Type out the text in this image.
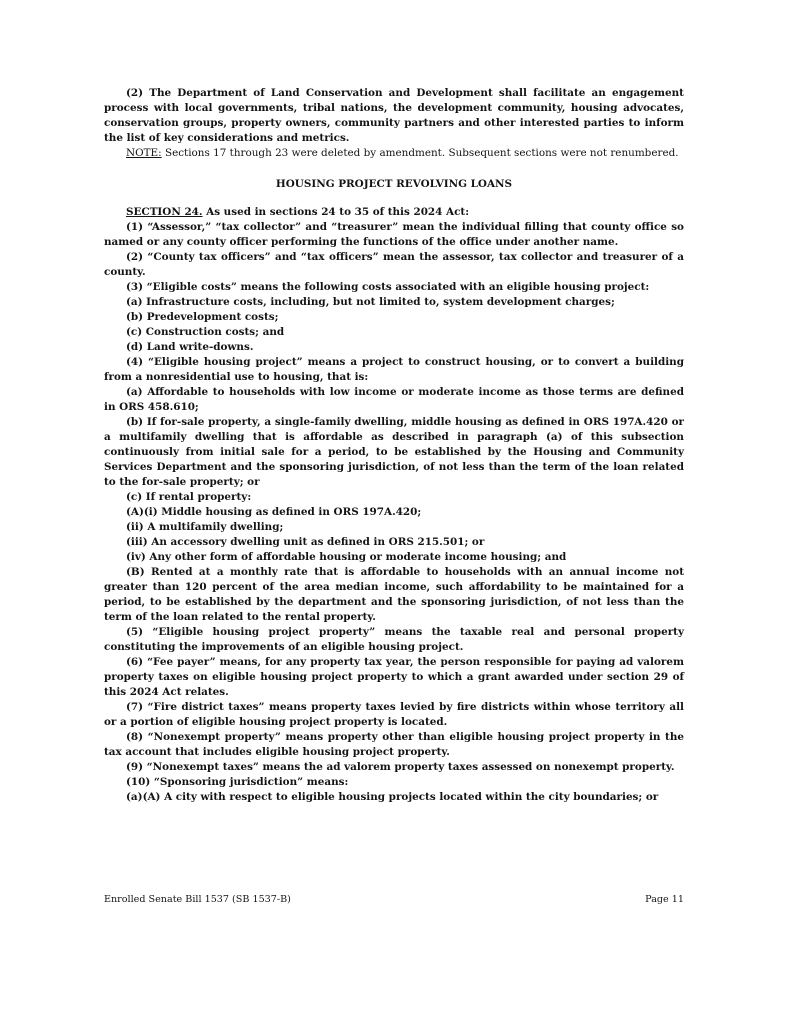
(2) The Department of Land Conservation and Development shall facilitate an engagement process with local governments, tribal nations, the development community, housing advocates, conservation groups, property owners, community partners and other interested parties to inform the list of key considerations and metrics.

NOTE: Sections 17 through 23 were deleted by amendment. Subsequent sections were not renumbered.

HOUSING PROJECT REVOLVING LOANS

SECTION 24. As used in sections 24 to 35 of this 2024 Act:

(1) “Assessor,” “tax collector” and “treasurer” mean the individual filling that county office so named or any county officer performing the functions of the office under another name.

(2) “County tax officers” and “tax officers” mean the assessor, tax collector and treasurer of a county.

(3) “Eligible costs” means the following costs associated with an eligible housing project:

(a) Infrastructure costs, including, but not limited to, system development charges;

(b) Predevelopment costs;

(c) Construction costs; and

(d) Land write-downs.

(4) “Eligible housing project” means a project to construct housing, or to convert a building from a nonresidential use to housing, that is:

(a) Affordable to households with low income or moderate income as those terms are defined in ORS 458.610;

(b) If for-sale property, a single-family dwelling, middle housing as defined in ORS 197A.420 or a multifamily dwelling that is affordable as described in paragraph (a) of this subsection continuously from initial sale for a period, to be established by the Housing and Community Services Department and the sponsoring jurisdiction, of not less than the term of the loan related to the for-sale property; or

(c) If rental property:

(A)(i) Middle housing as defined in ORS 197A.420;

(ii) A multifamily dwelling;

(iii) An accessory dwelling unit as defined in ORS 215.501; or

(iv) Any other form of affordable housing or moderate income housing; and

(B) Rented at a monthly rate that is affordable to households with an annual income not greater than 120 percent of the area median income, such affordability to be maintained for a period, to be established by the department and the sponsoring jurisdiction, of not less than the term of the loan related to the rental property.

(5) “Eligible housing project property” means the taxable real and personal property constituting the improvements of an eligible housing project.

(6) “Fee payer” means, for any property tax year, the person responsible for paying ad valorem property taxes on eligible housing project property to which a grant awarded under section 29 of this 2024 Act relates.

(7) “Fire district taxes” means property taxes levied by fire districts within whose territory all or a portion of eligible housing project property is located.

(8) “Nonexempt property” means property other than eligible housing project property in the tax account that includes eligible housing project property.

(9) “Nonexempt taxes” means the ad valorem property taxes assessed on nonexempt property.

(10) “Sponsoring jurisdiction” means:

(a)(A) A city with respect to eligible housing projects located within the city boundaries; or

Enrolled Senate Bill 1537 (SB 1537-B)	Page 11
